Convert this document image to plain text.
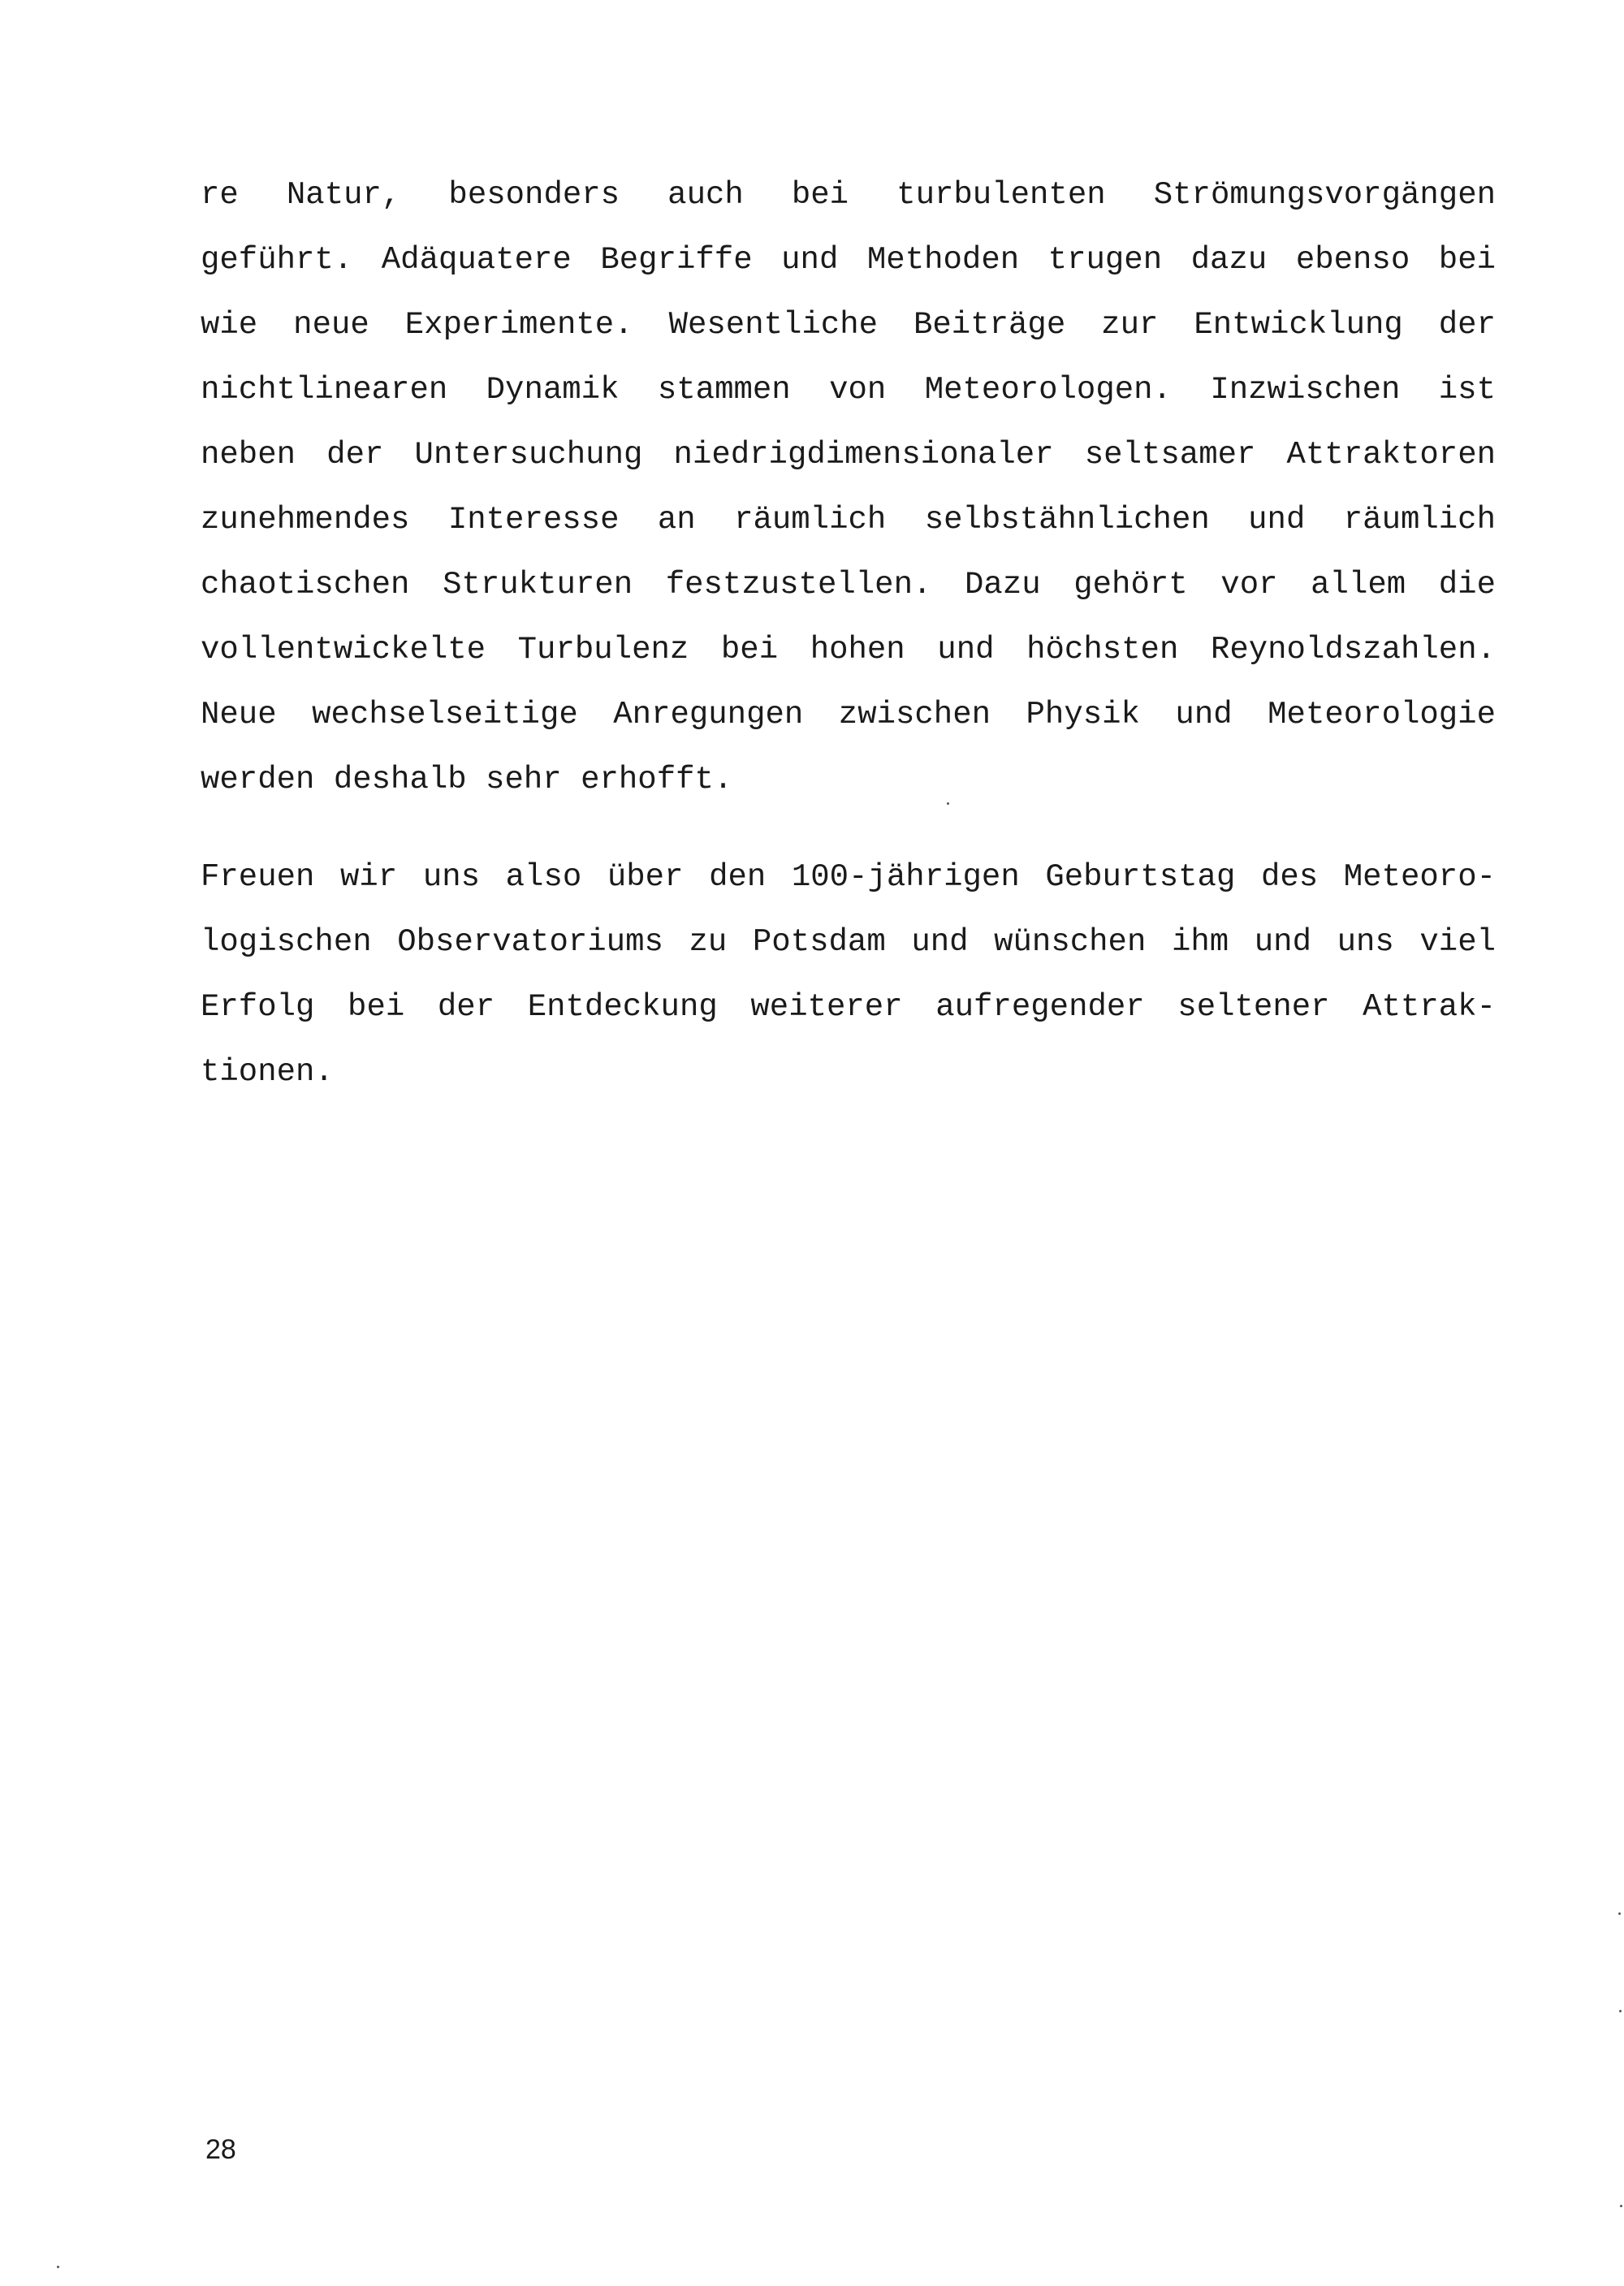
re Natur, besonders auch bei turbulenten Strömungsvorgängen
geführt. Adäquatere Begriffe und Methoden trugen dazu ebenso bei
wie neue Experimente. Wesentliche Beiträge zur Entwicklung der
nichtlinearen Dynamik stammen von Meteorologen. Inzwischen ist
neben der Untersuchung niedrigdimensionaler seltsamer Attraktoren
zunehmendes Interesse an räumlich selbstähnlichen und räumlich
chaotischen Strukturen festzustellen. Dazu gehört vor allem die
vollentwickelte Turbulenz bei hohen und höchsten Reynoldszahlen.
Neue wechselseitige Anregungen zwischen Physik und Meteorologie
werden deshalb sehr erhofft.
Freuen wir uns also über den 100-jährigen Geburtstag des Meteoro-
logischen Observatoriums zu Potsdam und wünschen ihm und uns viel
Erfolg bei der Entdeckung weiterer aufregender seltener Attrak-
tionen.
28
